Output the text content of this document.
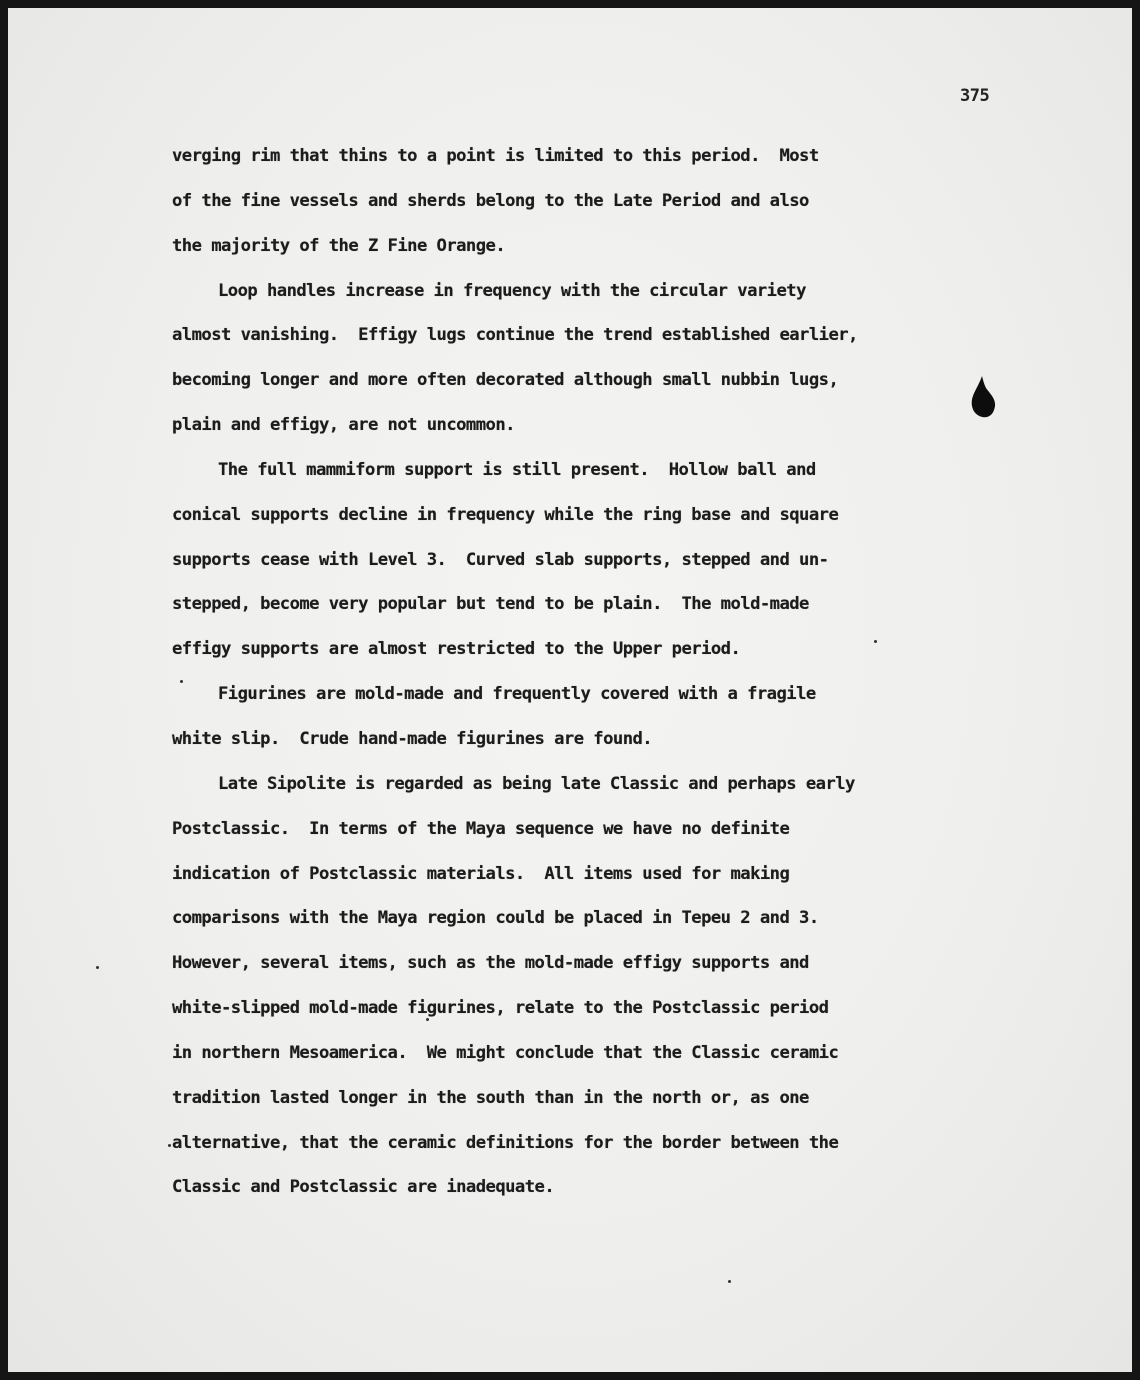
375
verging rim that thins to a point is limited to this period.  Most
of the fine vessels and sherds belong to the Late Period and also
the majority of the Z Fine Orange.
Loop handles increase in frequency with the circular variety
almost vanishing.  Effigy lugs continue the trend established earlier,
becoming longer and more often decorated although small nubbin lugs,
plain and effigy, are not uncommon.
The full mammiform support is still present.  Hollow ball and
conical supports decline in frequency while the ring base and square
supports cease with Level 3.  Curved slab supports, stepped and un-
stepped, become very popular but tend to be plain.  The mold-made
effigy supports are almost restricted to the Upper period.
Figurines are mold-made and frequently covered with a fragile
white slip.  Crude hand-made figurines are found.
Late Sipolite is regarded as being late Classic and perhaps early
Postclassic.  In terms of the Maya sequence we have no definite
indication of Postclassic materials.  All items used for making
comparisons with the Maya region could be placed in Tepeu 2 and 3.
However, several items, such as the mold-made effigy supports and
white-slipped mold-made figurines, relate to the Postclassic period
in northern Mesoamerica.  We might conclude that the Classic ceramic
tradition lasted longer in the south than in the north or, as one
alternative, that the ceramic definitions for the border between the
Classic and Postclassic are inadequate.
